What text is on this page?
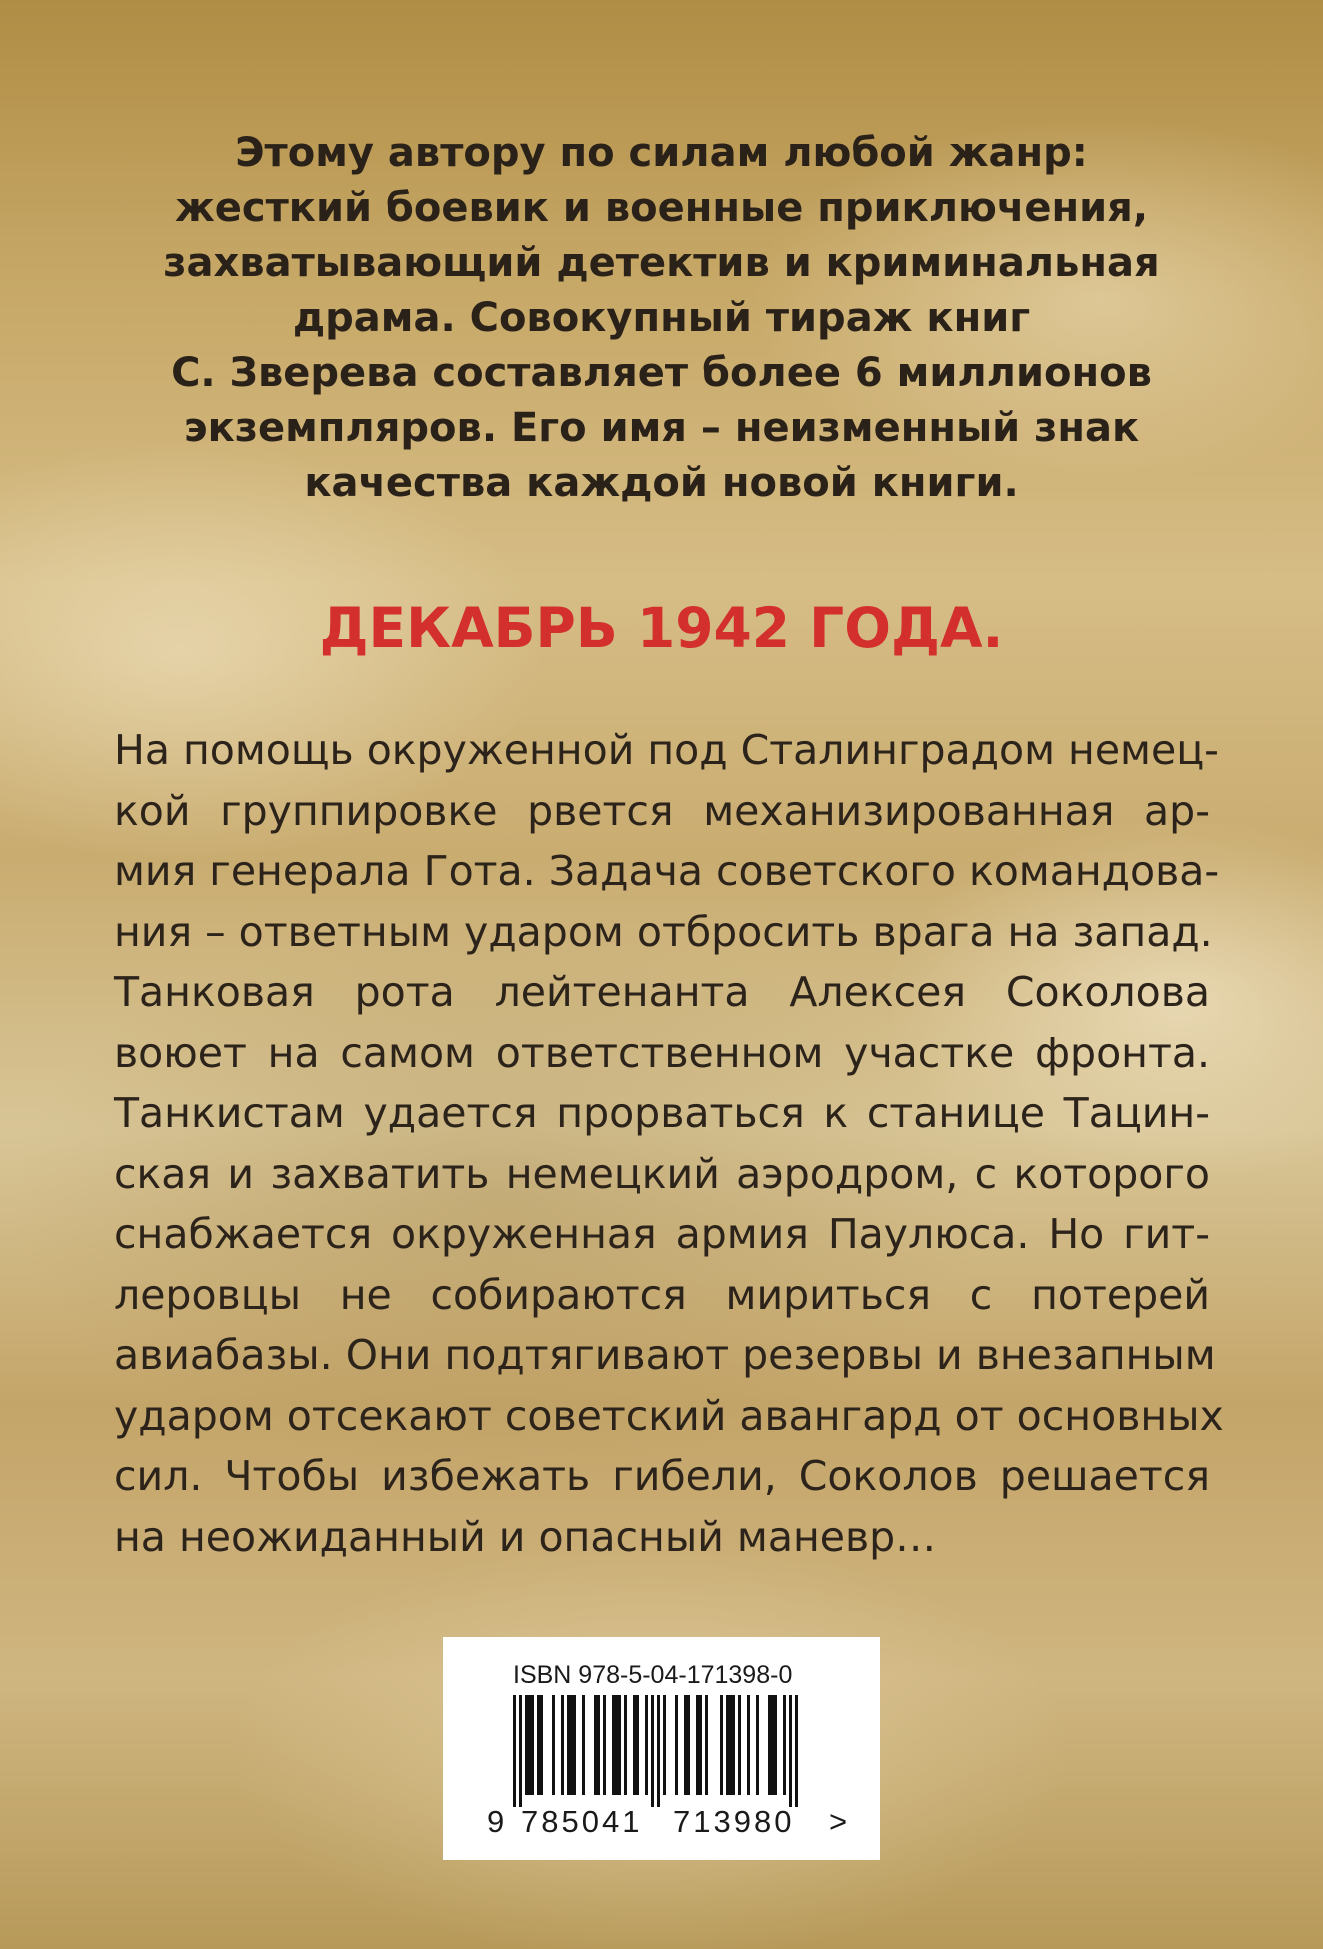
Этому автору по силам любой жанр:
жесткий боевик и военные приключения,
захватывающий детектив и криминальная
драма. Совокупный тираж книг
С. Зверева составляет более 6 миллионов
экземпляров. Его имя – неизменный знак
качества каждой новой книги.
ДЕКАБРЬ 1942 ГОДА.
На помощь окруженной под Сталинградом немец-
кой группировке рвется механизированная ар-
мия генерала Гота. Задача советского командова-
ния – ответным ударом отбросить врага на запад.
Танковая рота лейтенанта Алексея Соколова
воюет на самом ответственном участке фронта.
Танкистам удается прорваться к станице Тацин-
ская и захватить немецкий аэродром, с которого
снабжается окруженная армия Паулюса. Но гит-
леровцы не собираются мириться с потерей
авиабазы. Они подтягивают резервы и внезапным
ударом отсекают советский авангард от основных
сил. Чтобы избежать гибели, Соколов решается
на неожиданный и опасный маневр…
ISBN 978-5-04-171398-0
9 785041 713980 >
